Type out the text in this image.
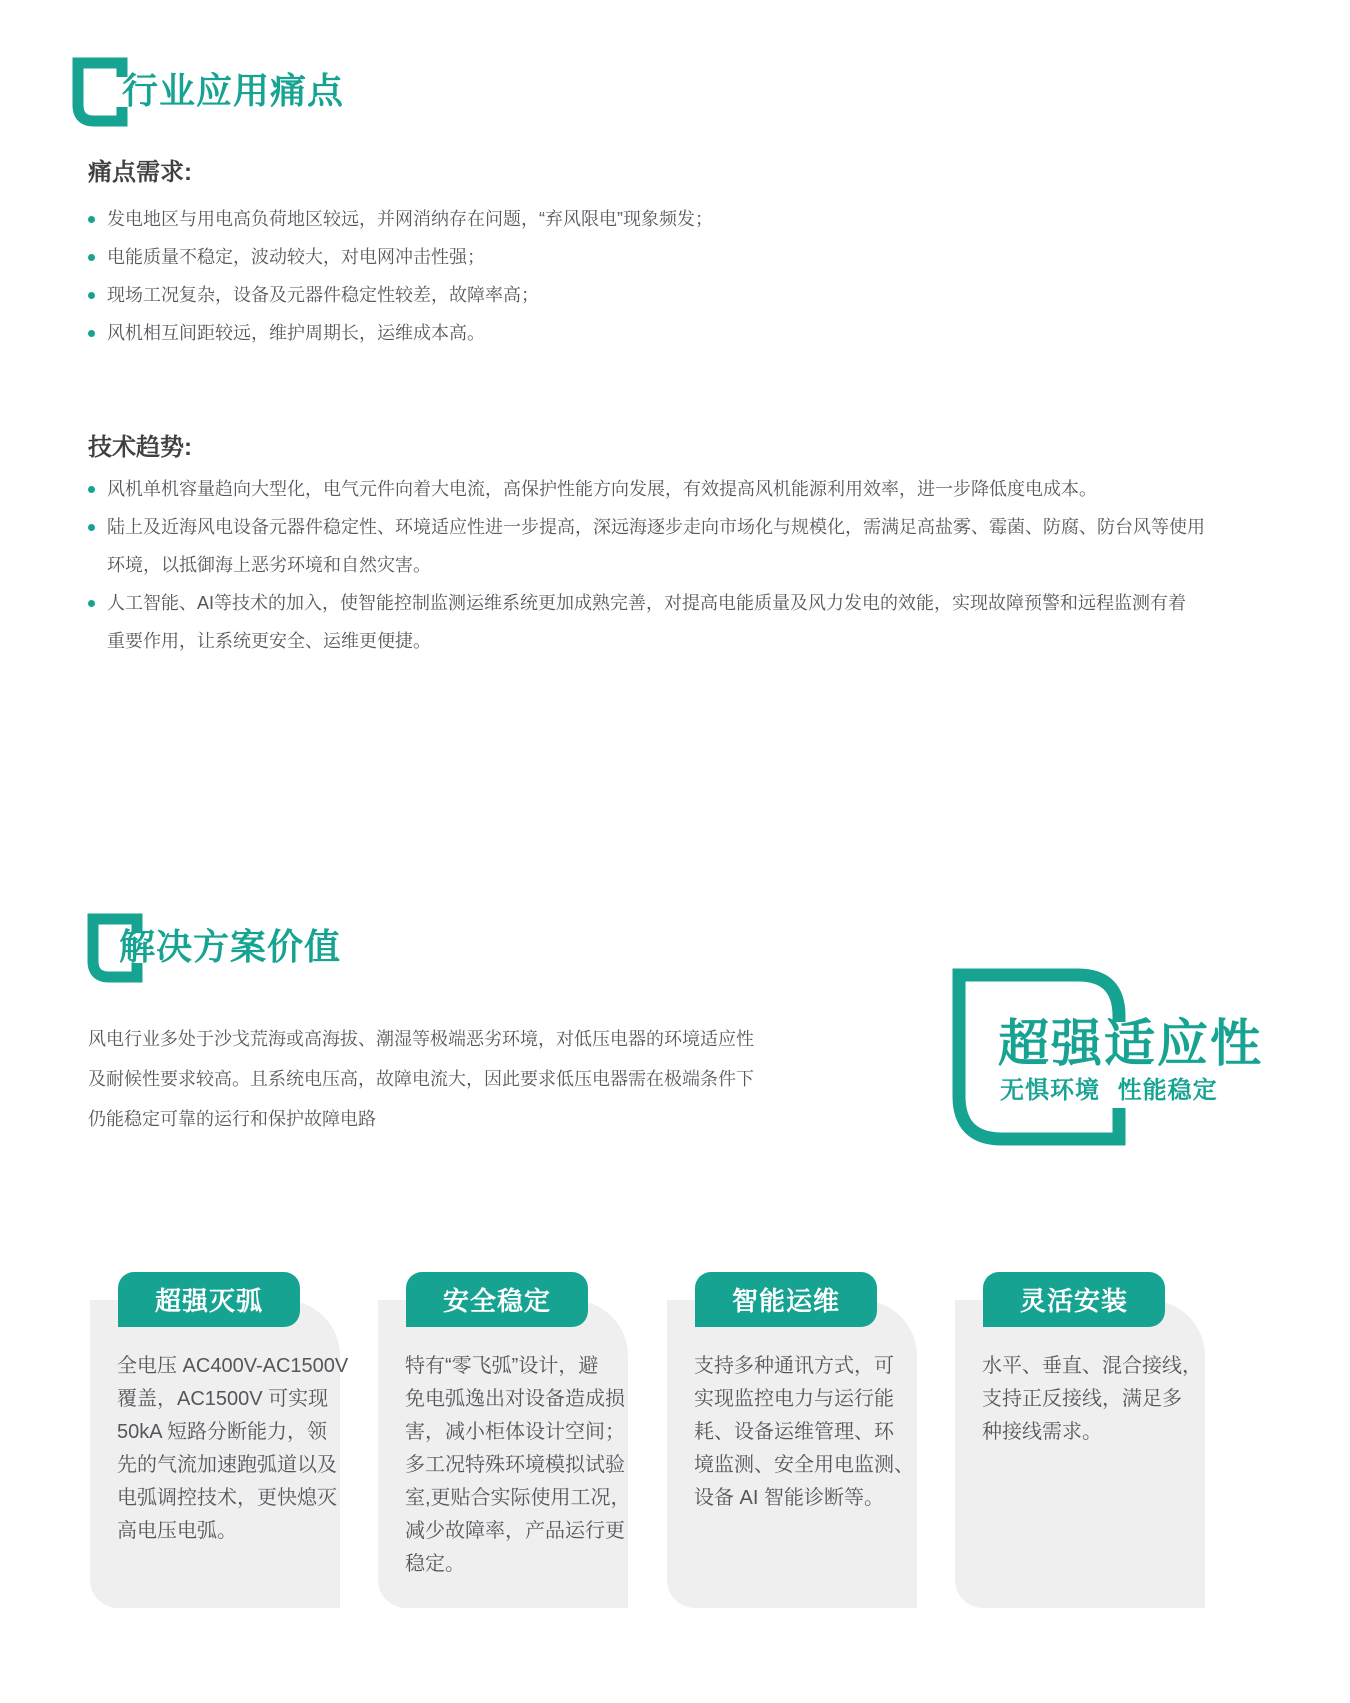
行业应用痛点
痛点需求:
发电地区与用电高负荷地区较远，并网消纳存在问题，“弃风限电”现象频发；
电能质量不稳定，波动较大，对电网冲击性强；
现场工况复杂，设备及元器件稳定性较差，故障率高；
风机相互间距较远，维护周期长，运维成本高。
技术趋势:
风机单机容量趋向大型化，电气元件向着大电流，高保护性能方向发展，有效提高风机能源利用效率，进一步降低度电成本。
陆上及近海风电设备元器件稳定性、环境适应性进一步提高，深远海逐步走向市场化与规模化，需满足高盐雾、霉菌、防腐、防台风等使用
环境，以抵御海上恶劣环境和自然灾害。
人工智能、AI等技术的加入，使智能控制监测运维系统更加成熟完善，对提高电能质量及风力发电的效能，实现故障预警和远程监测有着
重要作用，让系统更安全、运维更便捷。
解决方案价值
风电行业多处于沙戈荒海或高海拔、潮湿等极端恶劣环境，对低压电器的环境适应性
及耐候性要求较高。且系统电压高，故障电流大，因此要求低压电器需在极端条件下
仍能稳定可靠的运行和保护故障电路
超强适应性
无惧环境 性能稳定
超强灭弧
全电压 AC400V-AC1500V
覆盖，AC1500V 可实现
50kA 短路分断能力，领
先的气流加速跑弧道以及
电弧调控技术，更快熄灭
高电压电弧。
安全稳定
特有“零飞弧”设计，避
免电弧逸出对设备造成损
害，减小柜体设计空间；
多工况特殊环境模拟试验
室,更贴合实际使用工况，
减少故障率，产品运行更
稳定。
智能运维
支持多种通讯方式，可
实现监控电力与运行能
耗、设备运维管理、环
境监测、安全用电监测、
设备 AI 智能诊断等。
灵活安装
水平、垂直、混合接线，
支持正反接线，满足多
种接线需求。
